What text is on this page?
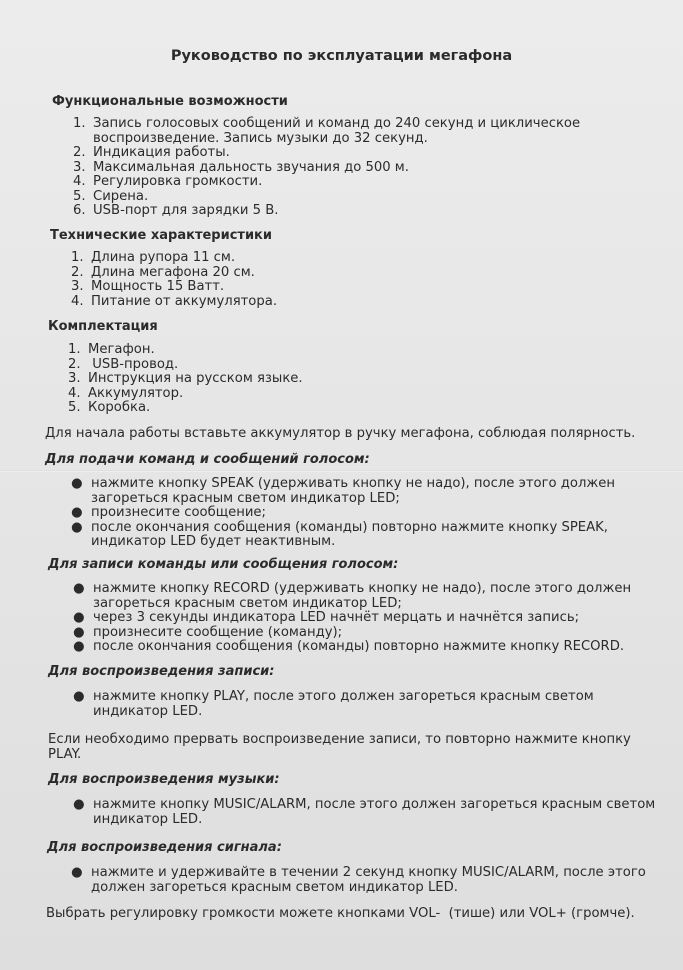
Руководство по эксплуатации мегафона
Функциональные возможности
1. Запись голосовых сообщений и команд до 240 секунд и циклическое
воспроизведение. Запись музыки до 32 секунд.
2. Индикация работы.
3. Максимальная дальность звучания до 500 м.
4. Регулировка громкости.
5. Сирена.
6. USB-порт для зарядки 5 В.
Технические характеристики
1. Длина рупора 11 см.
2. Длина мегафона 20 см.
3. Мощность 15 Ватт.
4. Питание от аккумулятора.
Комплектация
1. Мегафон.
2. USB-провод.
3. Инструкция на русском языке.
4. Аккумулятор.
5. Коробка.
Для начала работы вставьте аккумулятор в ручку мегафона, соблюдая полярность.
Для подачи команд и сообщений голосом:
● нажмите кнопку SPEAK (удерживать кнопку не надо), после этого должен
загореться красным светом индикатор LED;
● произнесите сообщение;
● после окончания сообщения (команды) повторно нажмите кнопку SPEAK,
индикатор LED будет неактивным.
Для записи команды или сообщения голосом:
● нажмите кнопку RECORD (удерживать кнопку не надо), после этого должен
загореться красным светом индикатор LED;
● через 3 секунды индикатора LED начнёт мерцать и начнётся запись;
● произнесите сообщение (команду);
● после окончания сообщения (команды) повторно нажмите кнопку RECORD.
Для воспроизведения записи:
● нажмите кнопку PLAY, после этого должен загореться красным светом
индикатор LED.
Если необходимо прервать воспроизведение записи, то повторно нажмите кнопку
PLAY.
Для воспроизведения музыки:
● нажмите кнопку MUSIC/ALARM, после этого должен загореться красным светом
индикатор LED.
Для воспроизведения сигнала:
● нажмите и удерживайте в течении 2 секунд кнопку MUSIC/ALARM, после этого
должен загореться красным светом индикатор LED.
Выбрать регулировку громкости можете кнопками VOL-  (тише) или VOL+ (громче).
